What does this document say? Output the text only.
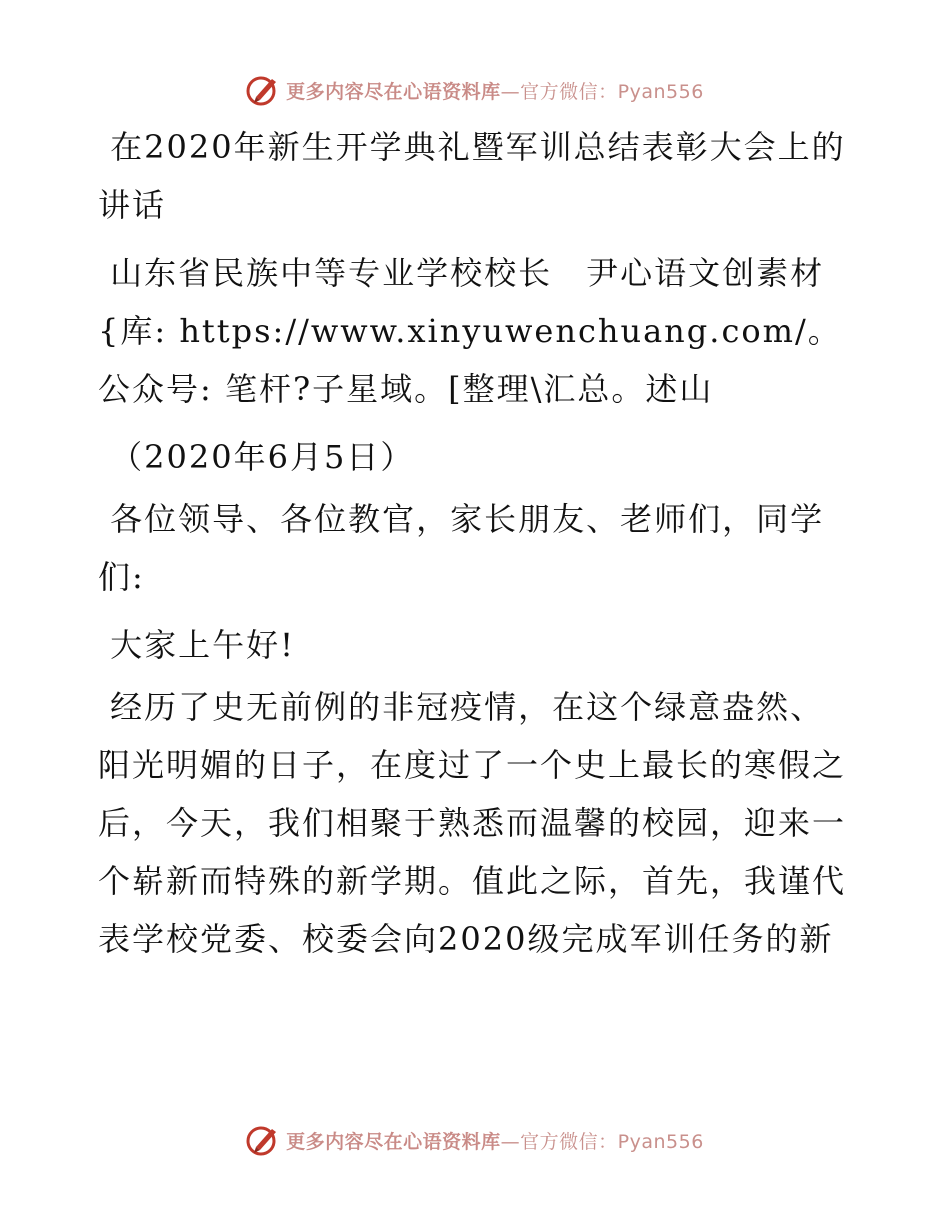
更多内容尽在心语资料库—官方微信：Pyan556

在2020年新生开学典礼暨军训总结表彰大会上的讲话

山东省民族中等专业学校校长　尹心语文创素材{库: https://www.xinyuwenchuang.com/。公众号: 笔杆?子星域。[整理\汇总。述山

（2020年6月5日）

各位领导、各位教官，家长朋友、老师们，同学们:

大家上午好!

经历了史无前例的非冠疫情，在这个绿意盎然、阳光明媚的日子，在度过了一个史上最长的寒假之后，今天，我们相聚于熟悉而温馨的校园，迎来一个崭新而特殊的新学期。值此之际，首先，我谨代表学校党委、校委会向2020级完成军训任务的新

更多内容尽在心语资料库—官方微信：Pyan556
